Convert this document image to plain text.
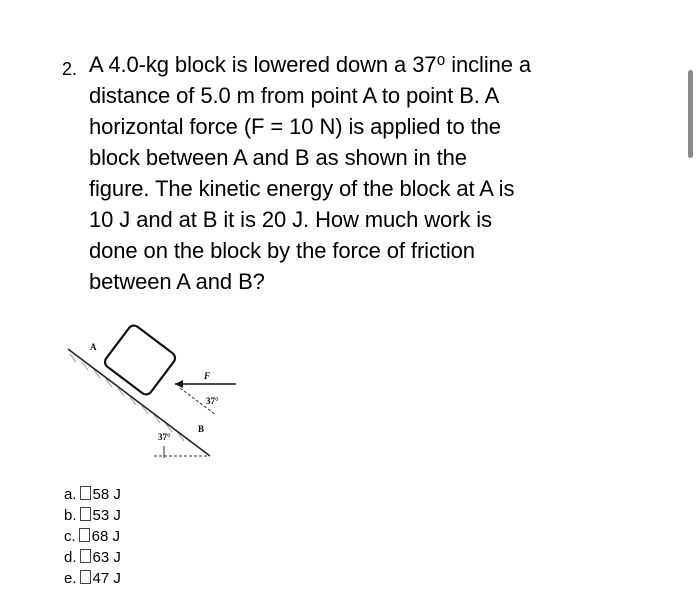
2. A 4.0-kg block is lowered down a 37⁰ incline a
distance of 5.0 m from point A to point B. A
horizontal force (F = 10 N) is applied to the
block between A and B as shown in the
figure. The kinetic energy of the block at A is
10 J and at B it is 20 J. How much work is
done on the block by the force of friction
between A and B?
A
B
F
37°
37°
a. 58 J
b. 53 J
c. 68 J
d. 63 J
e. 47 J
